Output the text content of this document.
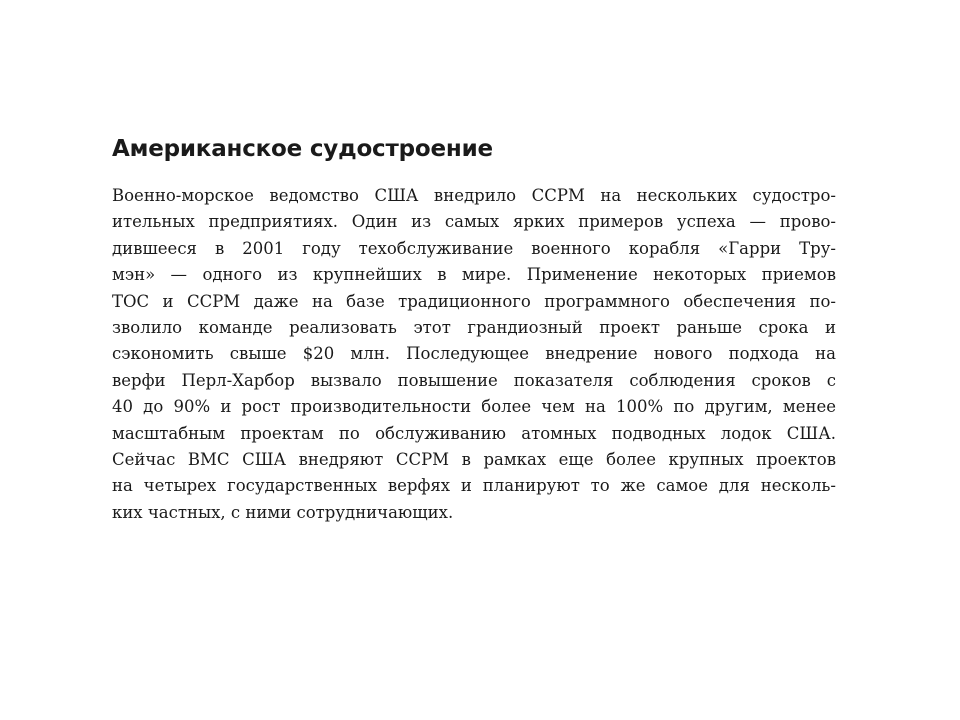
Американское судостроение
Военно-морское ведомство США внедрило CCPM на нескольких судостро-
ительных предприятиях. Один из самых ярких примеров успеха — прово-
дившееся в 2001 году техобслуживание военного корабля «Гарри Тру-
мэн» — одного из крупнейших в мире. Применение некоторых приемов
TOC и CCPM даже на базе традиционного программного обеспечения по-
зволило команде реализовать этот грандиозный проект раньше срока и
сэкономить свыше $20 млн. Последующее внедрение нового подхода на
верфи Перл-Харбор вызвало повышение показателя соблюдения сроков с
40 до 90% и рост производительности более чем на 100% по другим, менее
масштабным проектам по обслуживанию атомных подводных лодок США.
Сейчас ВМС США внедряют CCPM в рамках еще более крупных проектов
на четырех государственных верфях и планируют то же самое для несколь-
ких частных, с ними сотрудничающих.
